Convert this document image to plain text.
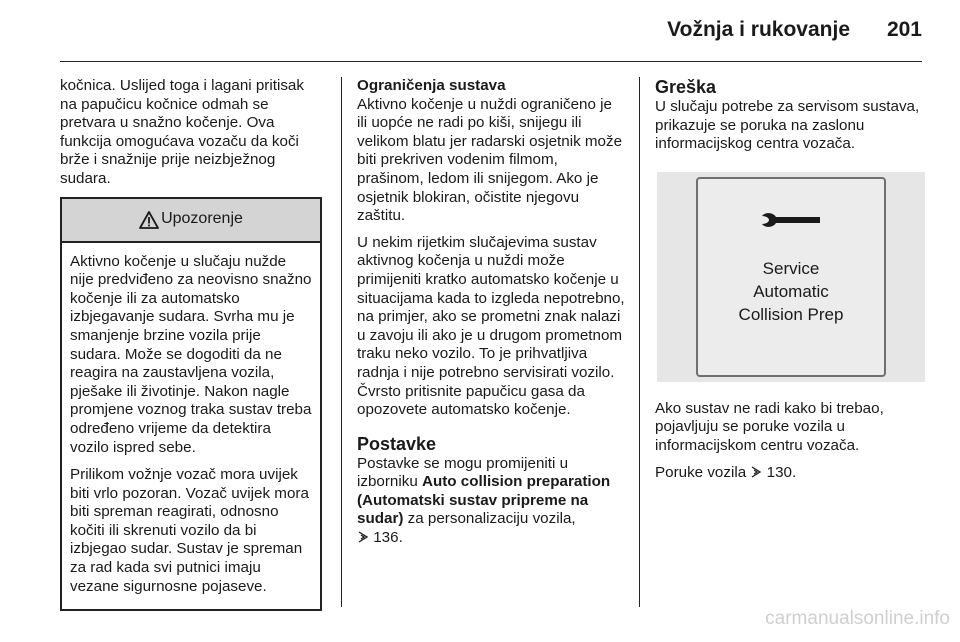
Vožnja i rukovanje	201

kočnica. Uslijed toga i lagani pritisak na papučicu kočnice odmah se pretvara u snažno kočenje. Ova funkcija omogućava vozaču da koči brže i snažnije prije neizbježnog sudara.

Upozorenje

Aktivno kočenje u slučaju nužde nije predviđeno za neovisno snažno kočenje ili za automatsko izbjegavanje sudara. Svrha mu je smanjenje brzine vozila prije sudara. Može se dogoditi da ne reagira na zaustavljena vozila, pješake ili životinje. Nakon nagle promjene voznog traka sustav treba određeno vrijeme da detektira vozilo ispred sebe.

Prilikom vožnje vozač mora uvijek biti vrlo pozoran. Vozač uvijek mora biti spreman reagirati, odnosno kočiti ili skrenuti vozilo da bi izbjegao sudar. Sustav je spreman za rad kada svi putnici imaju vezane sigurnosne pojaseve.

Ograničenja sustava

Aktivno kočenje u nuždi ograničeno je ili uopće ne radi po kiši, snijegu ili velikom blatu jer radarski osjetnik može biti prekriven vodenim filmom, prašinom, ledom ili snijegom. Ako je osjetnik blokiran, očistite njegovu zaštitu.

U nekim rijetkim slučajevima sustav aktivnog kočenja u nuždi može primijeniti kratko automatsko kočenje u situacijama kada to izgleda nepotrebno, na primjer, ako se prometni znak nalazi u zavoju ili ako je u drugom prometnom traku neko vozilo. To je prihvatljiva radnja i nije potrebno servisirati vozilo. Čvrsto pritisnite papučicu gasa da opozovete automatsko kočenje.

Postavke

Postavke se mogu promijeniti u izborniku Auto collision preparation (Automatski sustav pripreme na sudar) za personalizaciju vozila,
136.

Greška

U slučaju potrebe za servisom sustava, prikazuje se poruka na zaslonu informacijskog centra vozača.

Service
Automatic
Collision Prep

Ako sustav ne radi kako bi trebao, pojavljuju se poruke vozila u informacijskom centru vozača.

Poruke vozila  130.

carmanualsonline.info
